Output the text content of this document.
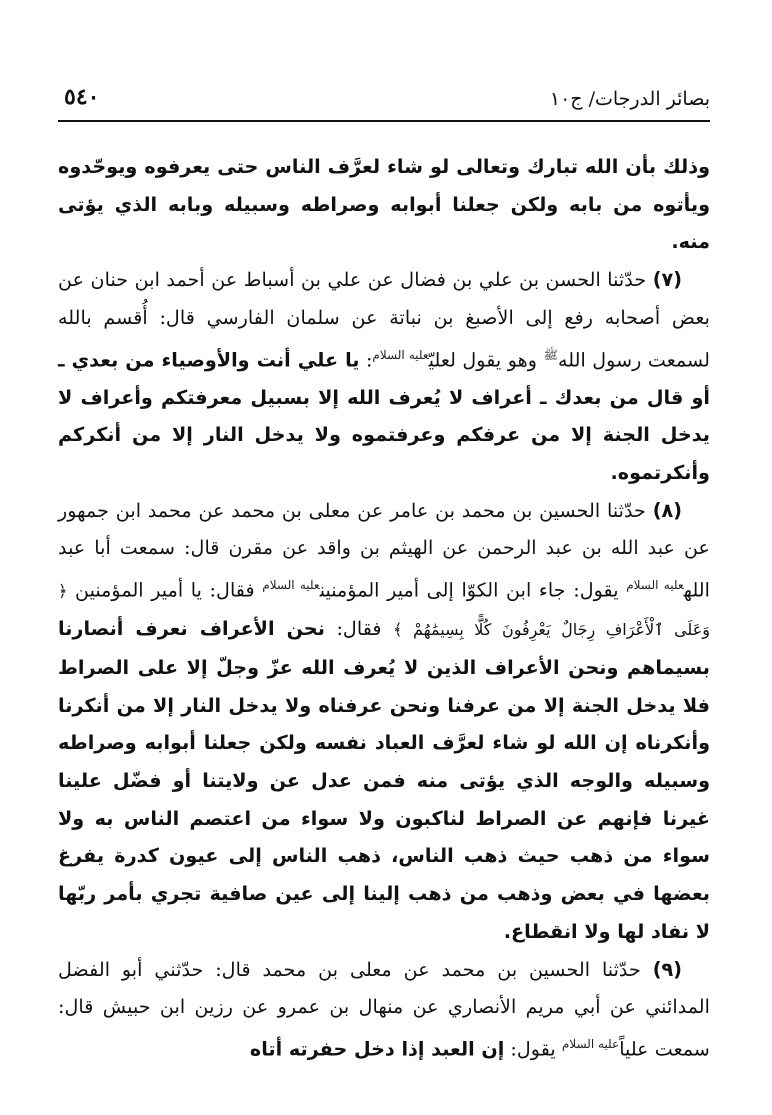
بصائر الدرجات/ ج١٠
٥٤٠

وذلك بأن الله تبارك وتعالى لو شاء لعرَّف الناس حتى يعرفوه ويوحّدوه ويأتوه من بابه ولكن جعلنا أبوابه وصراطه وسبيله وبابه الذي يؤتى منه.

(٧) حدّثنا الحسن بن علي بن فضال عن علي بن أسباط عن أحمد ابن حنان عن بعض أصحابه رفع إلى الأصبغ بن نباتة عن سلمان الفارسي قال: أُقسم بالله لسمعت رسول الله$^ﷺ$ وهو يقول لعليّ$^{عليه السلام}$: يا علي أنت والأوصياء من بعدي ـ أو قال من بعدك ـ أعراف لا يُعرف الله إلا بسبيل معرفتكم وأعراف لا يدخل الجنة إلا من عرفكم وعرفتموه ولا يدخل النار إلا من أنكركم وأنكرتموه.

(٨) حدّثنا الحسين بن محمد بن عامر عن معلى بن محمد عن محمد ابن جمهور عن عبد الله بن عبد الرحمن عن الهيثم بن واقد عن مقرن قال: سمعت أبا عبد الله$^{عليه السلام}$ يقول: جاء ابن الكوّا إلى أمير المؤمنين$^{عليه السلام}$ فقال: يا أمير المؤمنين ﴿ وَعَلَى ٱلْأَعْرَافِ رِجَالٌ يَعْرِفُونَ كُلًّا بِسِيمَٰهُمْ ﴾ فقال: نحن الأعراف نعرف أنصارنا بسيماهم ونحن الأعراف الذين لا يُعرف الله عزّ وجلّ إلا على الصراط فلا يدخل الجنة إلا من عرفنا ونحن عرفناه ولا يدخل النار إلا من أنكرنا وأنكرناه إن الله لو شاء لعرَّف العباد نفسه ولكن جعلنا أبوابه وصراطه وسبيله والوجه الذي يؤتى منه فمن عدل عن ولايتنا أو فضّل علينا غيرنا فإنهم عن الصراط لناكبون ولا سواء من اعتصم الناس به ولا سواء من ذهب حيث ذهب الناس، ذهب الناس إلى عيون كدرة يفرغ بعضها في بعض وذهب من ذهب إلينا إلى عين صافية تجري بأمر ربّها لا نفاد لها ولا انقطاع.

(٩) حدّثنا الحسين بن محمد عن معلى بن محمد قال: حدّثني أبو الفضل المدائني عن أبي مريم الأنصاري عن منهال بن عمرو عن رزين ابن حبيش قال: سمعت علياً$^{عليه السلام}$ يقول: إن العبد إذا دخل حفرته أتاه
